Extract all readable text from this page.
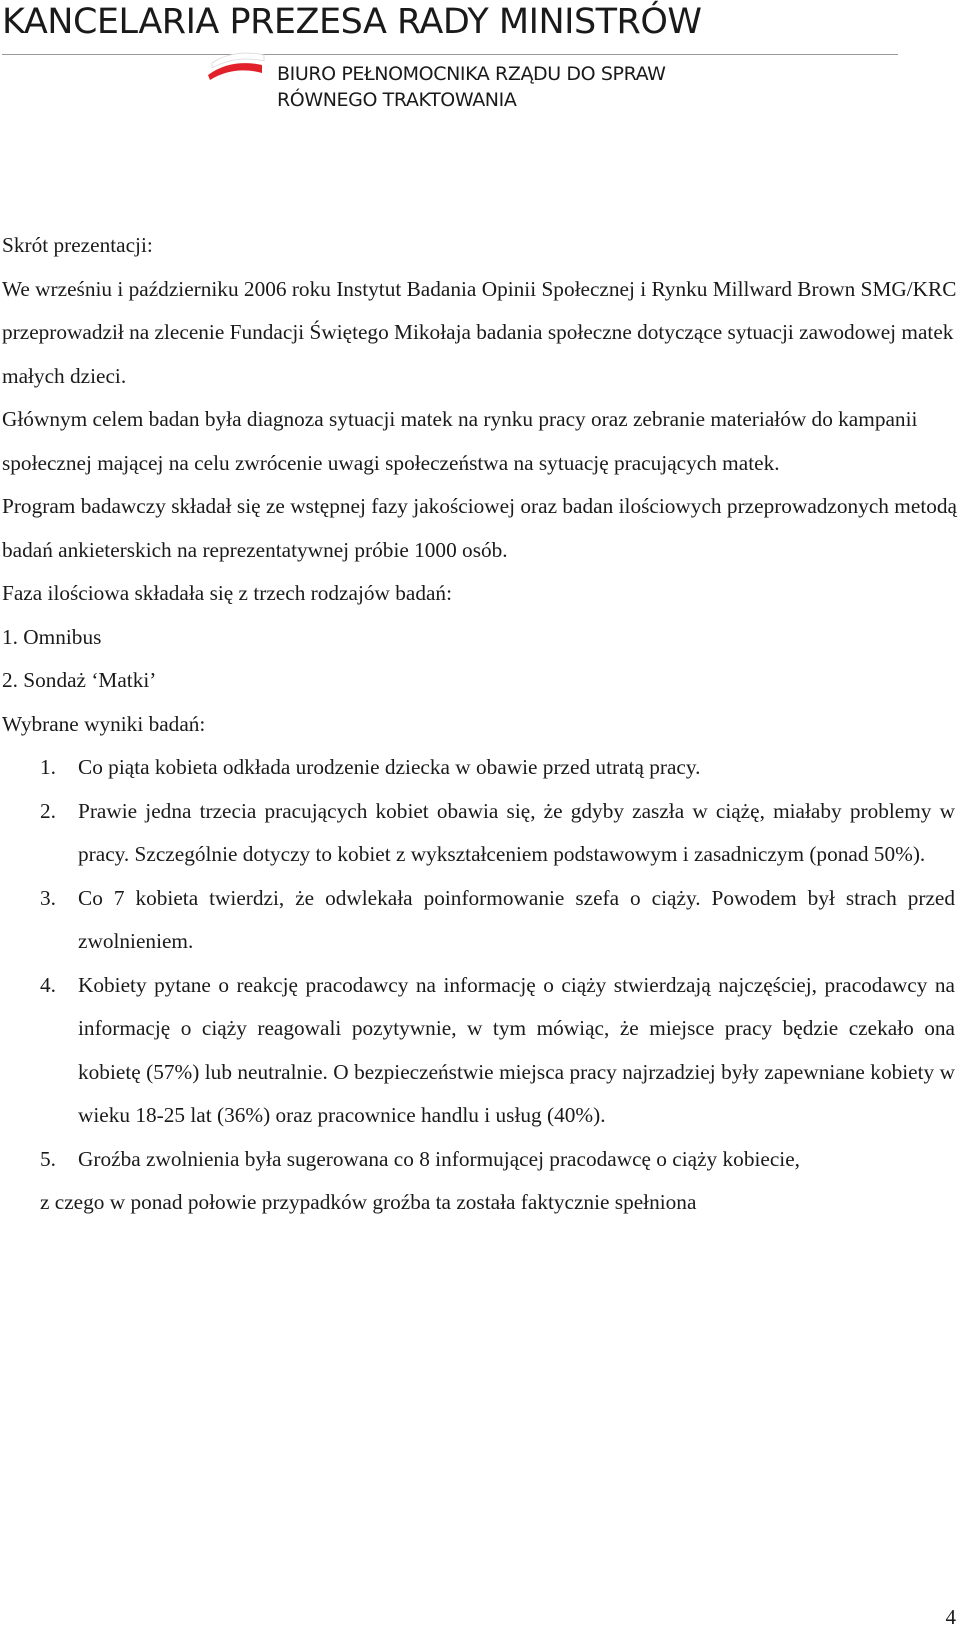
KANCELARIA PREZESA RADY MINISTRÓW
BIURO PEŁNOMOCNIKA RZĄDU DO SPRAW
RÓWNEGO TRAKTOWANIA

Skrót prezentacji:

We wrześniu i październiku 2006 roku Instytut Badania Opinii Społecznej i Rynku Millward Brown SMG/KRC przeprowadził na zlecenie Fundacji Świętego Mikołaja badania społeczne dotyczące sytuacji zawodowej matek małych dzieci.

Głównym celem badan była diagnoza sytuacji matek na rynku pracy oraz zebranie materiałów do kampanii społecznej mającej na celu zwrócenie uwagi społeczeństwa na sytuację pracujących matek.

Program badawczy składał się ze wstępnej fazy jakościowej oraz badan ilościowych przeprowadzonych metodą badań ankieterskich na reprezentatywnej próbie 1000 osób.

Faza ilościowa składała się z trzech rodzajów badań:

1. Omnibus

2. Sondaż ‘Matki’

Wybrane wyniki badań:

1. Co piąta kobieta odkłada urodzenie dziecka w obawie przed utratą pracy.
2. Prawie jedna trzecia pracujących kobiet obawia się, że gdyby zaszła w ciążę, miałaby problemy w pracy. Szczególnie dotyczy to kobiet z wykształceniem podstawowym i zasadniczym (ponad 50%).
3. Co 7 kobieta twierdzi, że odwlekała poinformowanie szefa o ciąży. Powodem był strach przed zwolnieniem.
4. Kobiety pytane o reakcję pracodawcy na informację o ciąży stwierdzają najczęściej, pracodawcy na informację o ciąży reagowali pozytywnie, w tym mówiąc, że miejsce pracy będzie czekało ona kobietę (57%) lub neutralnie. O bezpieczeństwie miejsca pracy najrzadziej były zapewniane kobiety w wieku 18-25 lat (36%) oraz pracownice handlu i usług (40%).
5. Groźba zwolnienia była sugerowana co 8 informującej pracodawcę o ciąży kobiecie,

z czego w ponad połowie przypadków groźba ta została faktycznie spełniona

4
